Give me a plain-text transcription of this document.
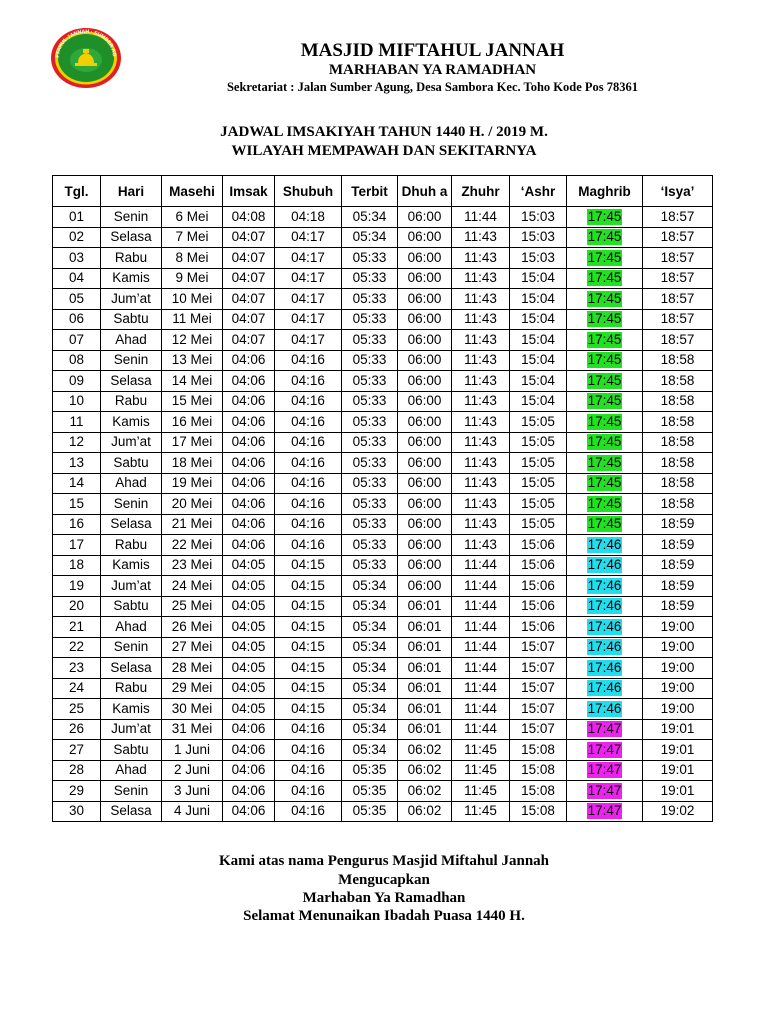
FTAHUL JANNAH · SUMBER AG	MASJID MIFTAHUL JANNAH
MARHABAN YA RAMADHAN
Sekretariat : Jalan Sumber Agung, Desa Sambora Kec. Toho Kode Pos 78361
JADWAL IMSAKIYAH TAHUN 1440 H. / 2019 M.
WILAYAH MEMPAWAH DAN SEKITARNYA
Tgl.	Hari	Masehi	Imsak	Shubuh	Terbit	Dhuh a	Zhuhr	‘Ashr	Maghrib	‘Isya’
01	Senin	6 Mei	04:08	04:18	05:34	06:00	11:44	15:03	17:45	18:57
02	Selasa	7 Mei	04:07	04:17	05:34	06:00	11:43	15:03	17:45	18:57
03	Rabu	8 Mei	04:07	04:17	05:33	06:00	11:43	15:03	17:45	18:57
04	Kamis	9 Mei	04:07	04:17	05:33	06:00	11:43	15:04	17:45	18:57
05	Jum’at	10 Mei	04:07	04:17	05:33	06:00	11:43	15:04	17:45	18:57
06	Sabtu	11 Mei	04:07	04:17	05:33	06:00	11:43	15:04	17:45	18:57
07	Ahad	12 Mei	04:07	04:17	05:33	06:00	11:43	15:04	17:45	18:57
08	Senin	13 Mei	04:06	04:16	05:33	06:00	11:43	15:04	17:45	18:58
09	Selasa	14 Mei	04:06	04:16	05:33	06:00	11:43	15:04	17:45	18:58
10	Rabu	15 Mei	04:06	04:16	05:33	06:00	11:43	15:04	17:45	18:58
11	Kamis	16 Mei	04:06	04:16	05:33	06:00	11:43	15:05	17:45	18:58
12	Jum’at	17 Mei	04:06	04:16	05:33	06:00	11:43	15:05	17:45	18:58
13	Sabtu	18 Mei	04:06	04:16	05:33	06:00	11:43	15:05	17:45	18:58
14	Ahad	19 Mei	04:06	04:16	05:33	06:00	11:43	15:05	17:45	18:58
15	Senin	20 Mei	04:06	04:16	05:33	06:00	11:43	15:05	17:45	18:58
16	Selasa	21 Mei	04:06	04:16	05:33	06:00	11:43	15:05	17:45	18:59
17	Rabu	22 Mei	04:06	04:16	05:33	06:00	11:43	15:06	17:46	18:59
18	Kamis	23 Mei	04:05	04:15	05:33	06:00	11:44	15:06	17:46	18:59
19	Jum’at	24 Mei	04:05	04:15	05:34	06:00	11:44	15:06	17:46	18:59
20	Sabtu	25 Mei	04:05	04:15	05:34	06:01	11:44	15:06	17:46	18:59
21	Ahad	26 Mei	04:05	04:15	05:34	06:01	11:44	15:06	17:46	19:00
22	Senin	27 Mei	04:05	04:15	05:34	06:01	11:44	15:07	17:46	19:00
23	Selasa	28 Mei	04:05	04:15	05:34	06:01	11:44	15:07	17:46	19:00
24	Rabu	29 Mei	04:05	04:15	05:34	06:01	11:44	15:07	17:46	19:00
25	Kamis	30 Mei	04:05	04:15	05:34	06:01	11:44	15:07	17:46	19:00
26	Jum’at	31 Mei	04:06	04:16	05:34	06:01	11:44	15:07	17:47	19:01
27	Sabtu	1 Juni	04:06	04:16	05:34	06:02	11:45	15:08	17:47	19:01
28	Ahad	2 Juni	04:06	04:16	05:35	06:02	11:45	15:08	17:47	19:01
29	Senin	3 Juni	04:06	04:16	05:35	06:02	11:45	15:08	17:47	19:01
30	Selasa	4 Juni	04:06	04:16	05:35	06:02	11:45	15:08	17:47	19:02
Kami atas nama Pengurus Masjid Miftahul Jannah
Mengucapkan
Marhaban Ya Ramadhan
Selamat Menunaikan Ibadah Puasa 1440 H.
